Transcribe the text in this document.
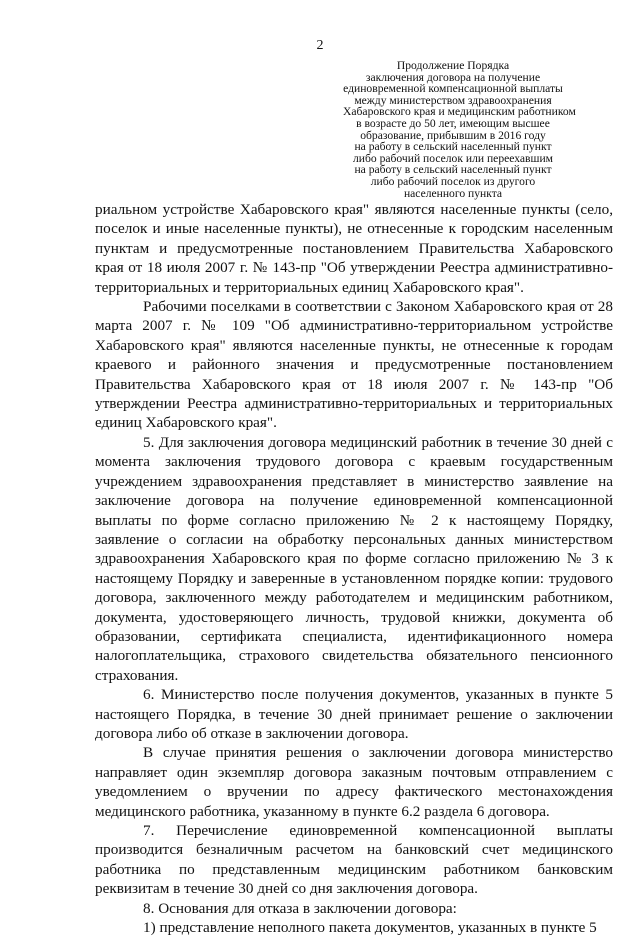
2
Продолжение Порядка
заключения договора на получение
единовременной компенсационной выплаты
между министерством здравоохранения
Хабаровского края и медицинским работником
в возрасте до 50 лет, имеющим высшее
образование, прибывшим в 2016 году
на работу в сельский населенный пункт
либо рабочий поселок или переехавшим
на работу в сельский населенный пункт
либо рабочий поселок из другого
населенного пункта

риальном устройстве Хабаровского края" являются населенные пункты (село, поселок и иные населенные пункты), не отнесенные к городским населенным пунктам и предусмотренные постановлением Правительства Хабаровского края от 18 июля 2007 г. № 143-пр "Об утверждении Реестра административно-территориальных и территориальных единиц Хабаровского края".

Рабочими поселками в соответствии с Законом Хабаровского края от 28 марта 2007 г. № 109 "Об административно-территориальном устройстве Хабаровского края" являются населенные пункты, не отнесенные к городам краевого и районного значения и предусмотренные постановлением Правительства Хабаровского края от 18 июля 2007 г. № 143-пр "Об утверждении Реестра административно-территориальных и территориальных единиц Хабаровского края".

5. Для заключения договора медицинский работник в течение 30 дней с момента заключения трудового договора с краевым государственным учреждением здравоохранения представляет в министерство заявление на заключение договора на получение единовременной компенсационной выплаты по форме согласно приложению № 2 к настоящему Порядку, заявление о согласии на обработку персональных данных министерством здравоохранения Хабаровского края по форме согласно приложению № 3 к настоящему Порядку и заверенные в установленном порядке копии: трудового договора, заключенного между работодателем и медицинским работником, документа, удостоверяющего личность, трудовой книжки, документа об образовании, сертификата специалиста, идентификационного номера налогоплательщика, страхового свидетельства обязательного пенсионного страхования.

6. Министерство после получения документов, указанных в пункте 5 настоящего Порядка, в течение 30 дней принимает решение о заключении договора либо об отказе в заключении договора.

В случае принятия решения о заключении договора министерство направляет один экземпляр договора заказным почтовым отправлением с уведомлением о вручении по адресу фактического местонахождения медицинского работника, указанному в пункте 6.2 раздела 6 договора.

7. Перечисление единовременной компенсационной выплаты производится безналичным расчетом на банковский счет медицинского работника по представленным медицинским работником банковским реквизитам в течение 30 дней со дня заключения договора.

8. Основания для отказа в заключении договора:

1) представление неполного пакета документов, указанных в пункте 5
